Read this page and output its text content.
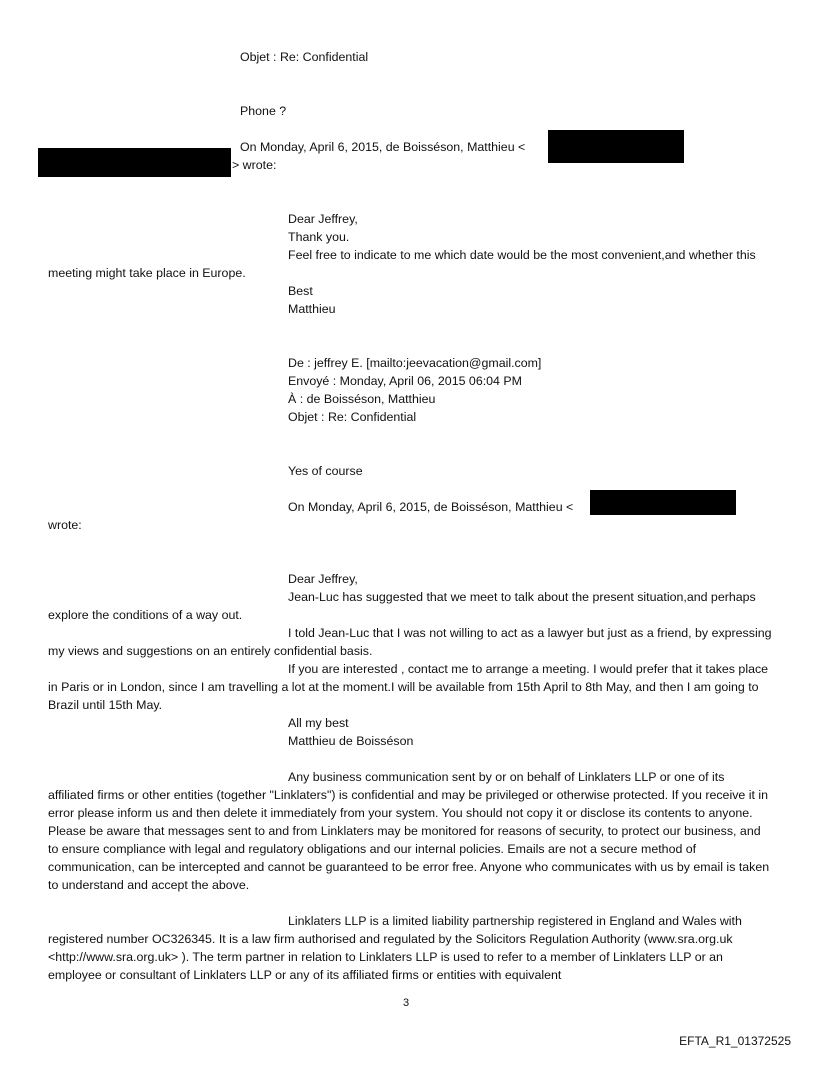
Objet : Re: Confidential
Phone ?
On Monday, April 6, 2015, de Boisséson, Matthieu <
> wrote:
Dear Jeffrey,
Thank you.

Feel free to indicate to me which date would be the most convenient,and whether this meeting might take place in Europe.

Best
Matthieu
De : jeffrey E. [mailto:jeevacation@gmail.com]
Envoyé : Monday, April 06, 2015 06:04 PM
À : de Boisséson, Matthieu
Objet : Re: Confidential
Yes of course
On Monday, April 6, 2015, de Boisséson, Matthieu <
wrote:
Dear Jeffrey,

Jean-Luc has suggested that we meet to talk about the present situation,and perhaps explore the conditions of a way out.

I told Jean-Luc that I was not willing to act as a lawyer but just as a friend, by expressing my views and suggestions on an entirely confidential basis.

If you are interested , contact me to arrange a meeting. I would prefer that it takes place in Paris or in London, since I am travelling a lot at the moment.I will be available from 15th April to 8th May, and then I am going to Brazil until 15th May.

All my best
Matthieu de Boisséson

Any business communication sent by or on behalf of Linklaters LLP or one of its affiliated firms or other entities (together "Linklaters") is confidential and may be privileged or otherwise protected. If you receive it in error please inform us and then delete it immediately from your system. You should not copy it or disclose its contents to anyone. Please be aware that messages sent to and from Linklaters may be monitored for reasons of security, to protect our business, and to ensure compliance with legal and regulatory obligations and our internal policies. Emails are not a secure method of communication, can be intercepted and cannot be guaranteed to be error free. Anyone who communicates with us by email is taken to understand and accept the above.

Linklaters LLP is a limited liability partnership registered in England and Wales with registered number OC326345. It is a law firm authorised and regulated by the Solicitors Regulation Authority (www.sra.org.uk <http://www.sra.org.uk> ). The term partner in relation to Linklaters LLP is used to refer to a member of Linklaters LLP or an employee or consultant of Linklaters LLP or any of its affiliated firms or entities with equivalent

3
EFTA_R1_01372525
